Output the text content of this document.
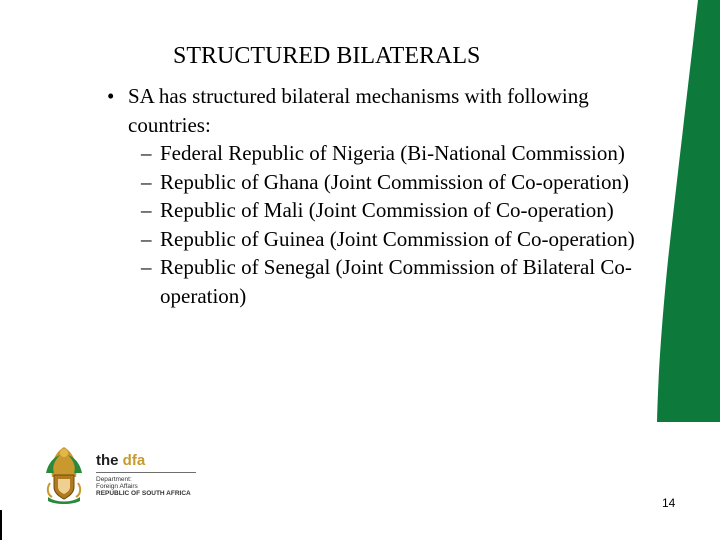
STRUCTURED BILATERALS
• SA has structured bilateral mechanisms with following countries:
– Federal Republic of Nigeria (Bi-National Commission)
– Republic of Ghana (Joint Commission of Co-operation)
– Republic of Mali (Joint Commission of Co-operation)
– Republic of Guinea (Joint Commission of Co-operation)
– Republic of Senegal (Joint Commission of Bilateral Co-operation)
the dfa
Department:
Foreign Affairs
REPUBLIC OF SOUTH AFRICA
14
